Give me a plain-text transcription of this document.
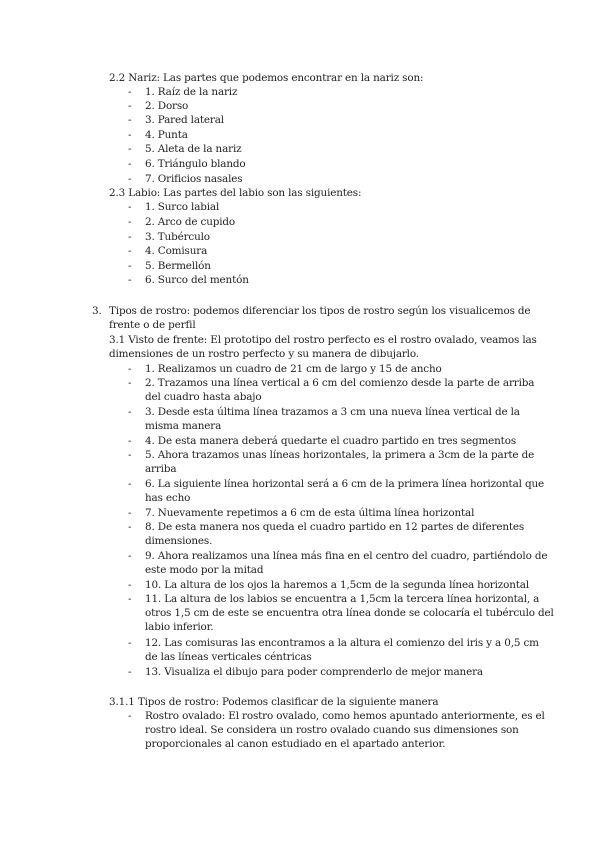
2.2 Nariz: Las partes que podemos encontrar en la nariz son:
- 1. Raíz de la nariz
- 2. Dorso
- 3. Pared lateral
- 4. Punta
- 5. Aleta de la nariz
- 6. Triángulo blando
- 7. Orificios nasales
2.3 Labio: Las partes del labio son las siguientes:
- 1. Surco labial
- 2. Arco de cupido
- 3. Tubérculo
- 4. Comisura
- 5. Bermellón
- 6. Surco del mentón
3. Tipos de rostro: podemos diferenciar los tipos de rostro según los visualicemos de
frente o de perfil
3.1 Visto de frente: El prototipo del rostro perfecto es el rostro ovalado, veamos las
dimensiones de un rostro perfecto y su manera de dibujarlo.
- 1. Realizamos un cuadro de 21 cm de largo y 15 de ancho
- 2. Trazamos una línea vertical a 6 cm del comienzo desde la parte de arriba
del cuadro hasta abajo
- 3. Desde esta última línea trazamos a 3 cm una nueva línea vertical de la
misma manera
- 4. De esta manera deberá quedarte el cuadro partido en tres segmentos
- 5. Ahora trazamos unas líneas horizontales, la primera a 3cm de la parte de
arriba
- 6. La siguiente línea horizontal será a 6 cm de la primera línea horizontal que
has echo
- 7. Nuevamente repetimos a 6 cm de esta última línea horizontal
- 8. De esta manera nos queda el cuadro partido en 12 partes de diferentes
dimensiones.
- 9. Ahora realizamos una línea más fina en el centro del cuadro, partiéndolo de
este modo por la mitad
- 10. La altura de los ojos la haremos a 1,5cm de la segunda línea horizontal
- 11. La altura de los labios se encuentra a 1,5cm la tercera línea horizontal, a
otros 1,5 cm de este se encuentra otra línea donde se colocaría el tubérculo del
labio inferior.
- 12. Las comisuras las encontramos a la altura el comienzo del iris y a 0,5 cm
de las líneas verticales céntricas
- 13. Visualiza el dibujo para poder comprenderlo de mejor manera
3.1.1 Tipos de rostro: Podemos clasificar de la siguiente manera
- Rostro ovalado: El rostro ovalado, como hemos apuntado anteriormente, es el
rostro ideal. Se considera un rostro ovalado cuando sus dimensiones son
proporcionales al canon estudiado en el apartado anterior.
